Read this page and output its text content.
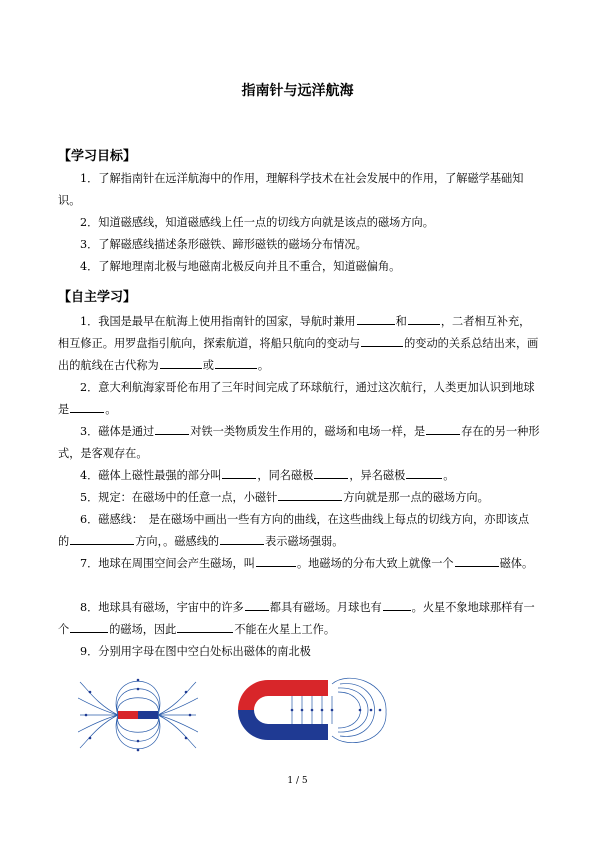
指南针与远洋航海
【学习目标】

1．了解指南针在远洋航海中的作用，理解科学技术在社会发展中的作用，了解磁学基础知识。

2．知道磁感线，知道磁感线上任一点的切线方向就是该点的磁场方向。

3．了解磁感线描述条形磁铁、蹄形磁铁的磁场分布情况。

4．了解地理南北极与地磁南北极反向并且不重合，知道磁偏角。

【自主学习】

1．我国是最早在航海上使用指南针的国家，导航时兼用	和	，二者相互补充，相互修正。用罗盘指引航向，探索航道，将船只航向的变动与	的变动的关系总结出来，画出的航线在古代称为	或	。

2．意大利航海家哥伦布用了三年时间完成了环球航行，通过这次航行，人类更加认识到地球是	。

3．磁体是通过	对铁一类物质发生作用的，磁场和电场一样，是	存在的另一种形式，是客观存在。

4．磁体上磁性最强的部分叫	，同名磁极	，异名磁极	。

5．规定：在磁场中的任意一点，小磁针	方向就是那一点的磁场方向。

6．磁感线：　是在磁场中画出一些有方向的曲线，在这些曲线上每点的切线方向，亦即该点的	方向，。磁感线的	表示磁场强弱。

7．地球在周围空间会产生磁场，叫	。地磁场的分布大致上就像一个	磁体。

8．地球具有磁场，宇宙中的许多 都具有磁场。月球也有	。火星不象地球那样有一个	的磁场，因此	不能在火星上工作。

9．分别用字母在图中空白处标出磁体的南北极

1 / 5
